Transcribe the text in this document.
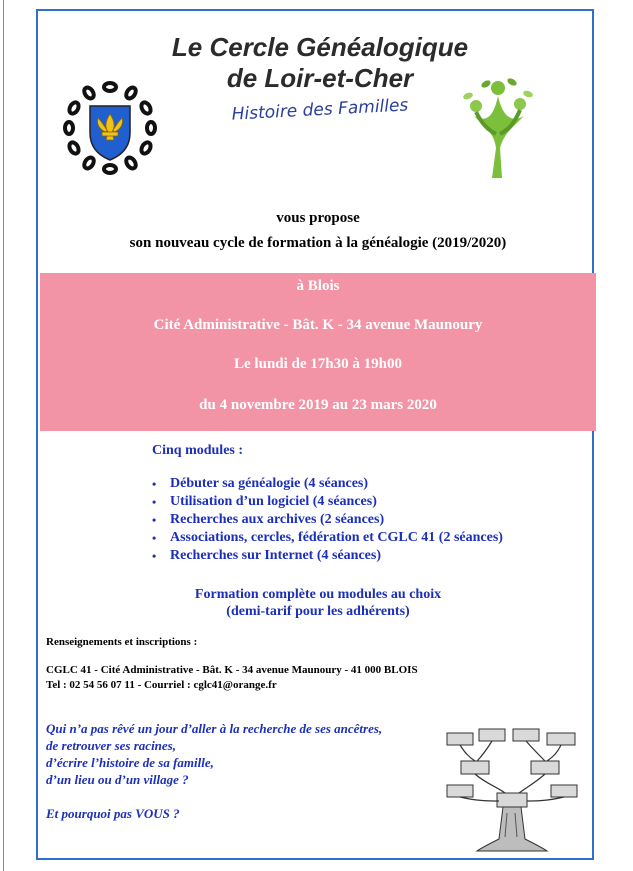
Le Cercle Généalogique
de Loir-et-Cher
Histoire des Familles
vous propose
son nouveau cycle de formation à la généalogie (2019/2020)
à Blois
Cité Administrative - Bât. K - 34 avenue Maunoury
Le lundi de 17h30 à 19h00
du 4 novembre 2019 au 23 mars 2020
Cinq modules :
• Débuter sa généalogie (4 séances)
• Utilisation d’un logiciel (4 séances)
• Recherches aux archives (2 séances)
• Associations, cercles, fédération et CGLC 41 (2 séances)
• Recherches sur Internet (4 séances)
Formation complète ou modules au choix
(demi-tarif pour les adhérents)
Renseignements et inscriptions :
CGLC 41 - Cité Administrative - Bât. K - 34 avenue Maunoury - 41 000 BLOIS
Tel : 02 54 56 07 11 - Courriel : cglc41@orange.fr
Qui n’a pas rêvé un jour d’aller à la recherche de ses ancêtres,
de retrouver ses racines,
d’écrire l’histoire de sa famille,
d’un lieu ou d’un village ?
Et pourquoi pas VOUS ?
